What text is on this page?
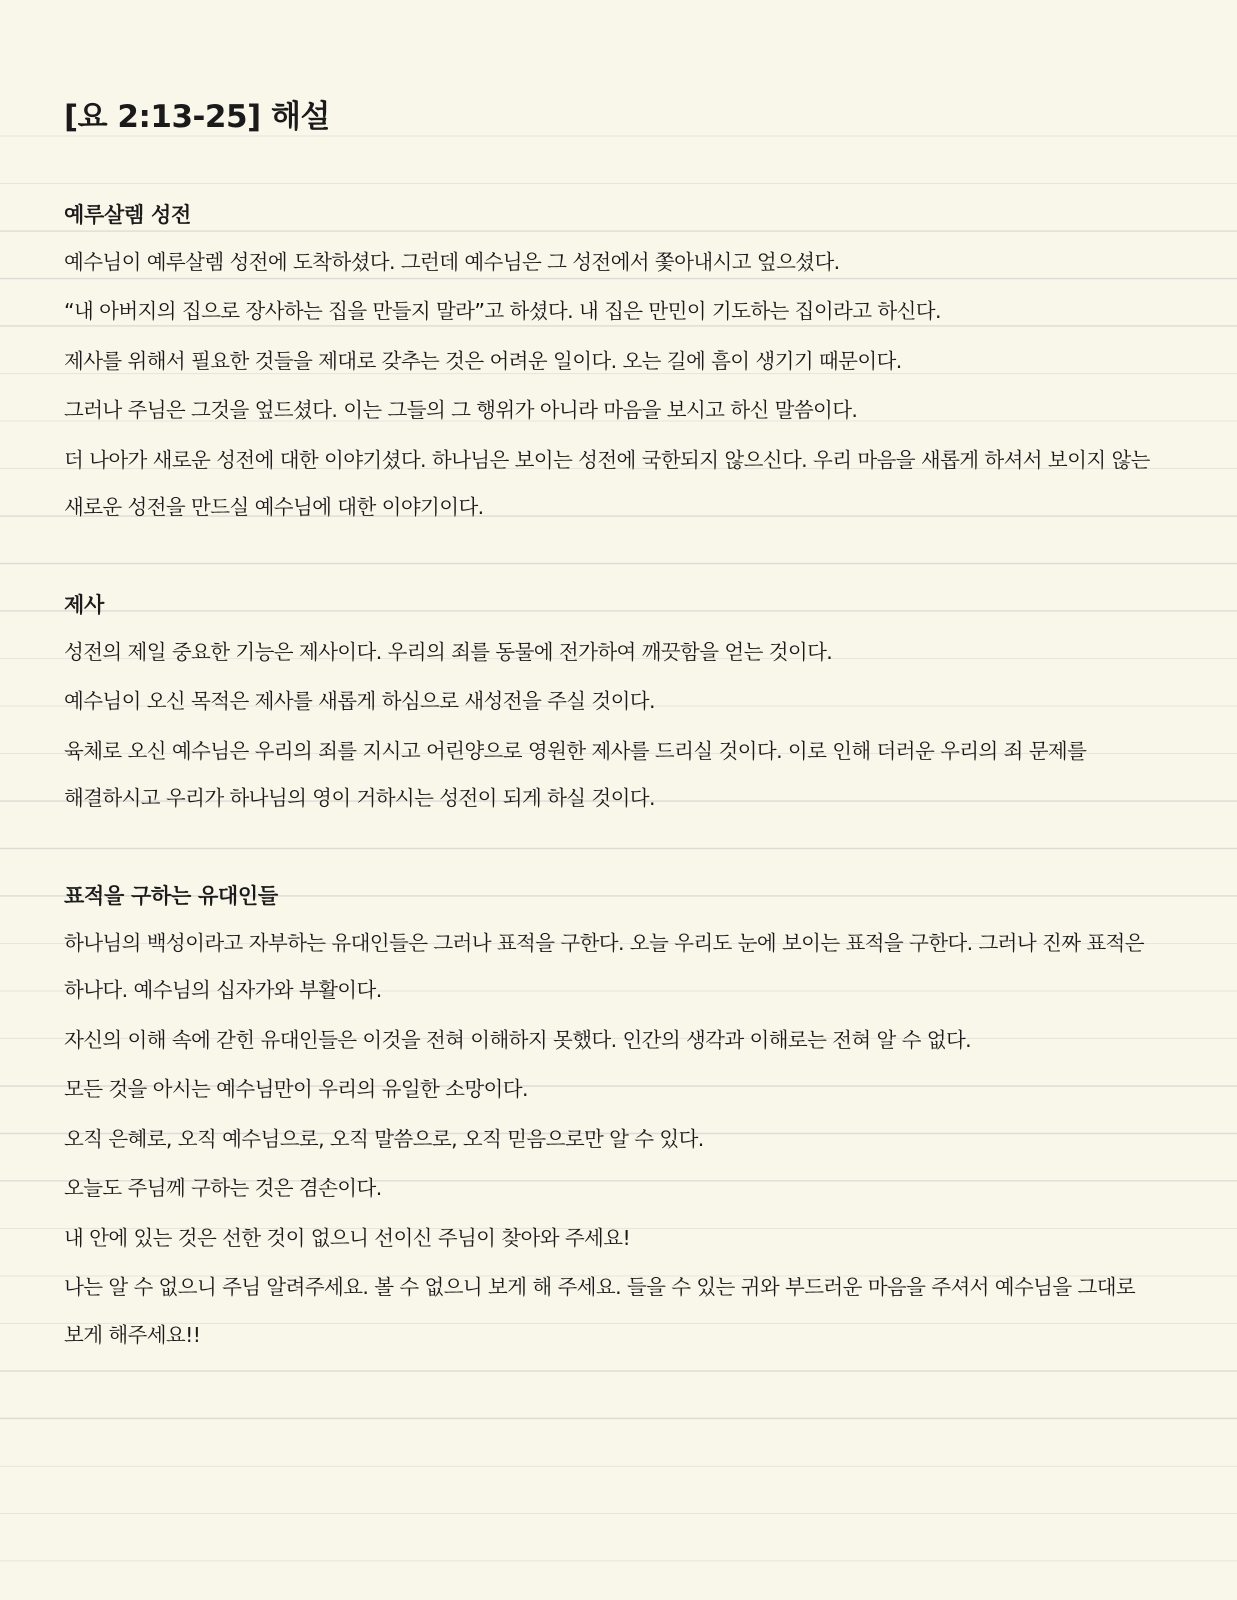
[요 2:13-25] 해설
예루살렘 성전

예수님이 예루살렘 성전에 도착하셨다. 그런데 예수님은 그 성전에서 쫓아내시고 엎으셨다.

“내 아버지의 집으로 장사하는 집을 만들지 말라”고 하셨다. 내 집은 만민이 기도하는 집이라고 하신다.

제사를 위해서 필요한 것들을 제대로 갖추는 것은 어려운 일이다. 오는 길에 흠이 생기기 때문이다.

그러나 주님은 그것을 엎드셨다. 이는 그들의 그 행위가 아니라 마음을 보시고 하신 말씀이다.

더 나아가 새로운 성전에 대한 이야기셨다. 하나님은 보이는 성전에 국한되지 않으신다. 우리 마음을 새롭게 하셔서 보이지 않는 새로운 성전을 만드실 예수님에 대한 이야기이다.

제사

성전의 제일 중요한 기능은 제사이다. 우리의 죄를 동물에 전가하여 깨끗함을 얻는 것이다.

예수님이 오신 목적은 제사를 새롭게 하심으로 새성전을 주실 것이다.

육체로 오신 예수님은 우리의 죄를 지시고 어린양으로 영원한 제사를 드리실 것이다. 이로 인해 더러운 우리의 죄 문제를 해결하시고 우리가 하나님의 영이 거하시는 성전이 되게 하실 것이다.

표적을 구하는 유대인들

하나님의 백성이라고 자부하는 유대인들은 그러나 표적을 구한다. 오늘 우리도 눈에 보이는 표적을 구한다. 그러나 진짜 표적은 하나다. 예수님의 십자가와 부활이다.

자신의 이해 속에 갇힌 유대인들은 이것을 전혀 이해하지 못했다. 인간의 생각과 이해로는 전혀 알 수 없다.

모든 것을 아시는 예수님만이 우리의 유일한 소망이다.

오직 은혜로, 오직 예수님으로, 오직 말씀으로, 오직 믿음으로만 알 수 있다.

오늘도 주님께 구하는 것은 겸손이다.

내 안에 있는 것은 선한 것이 없으니 선이신 주님이 찾아와 주세요!

나는 알 수 없으니 주님 알려주세요. 볼 수 없으니 보게 해 주세요. 들을 수 있는 귀와 부드러운 마음을 주셔서 예수님을 그대로 보게 해주세요!!
